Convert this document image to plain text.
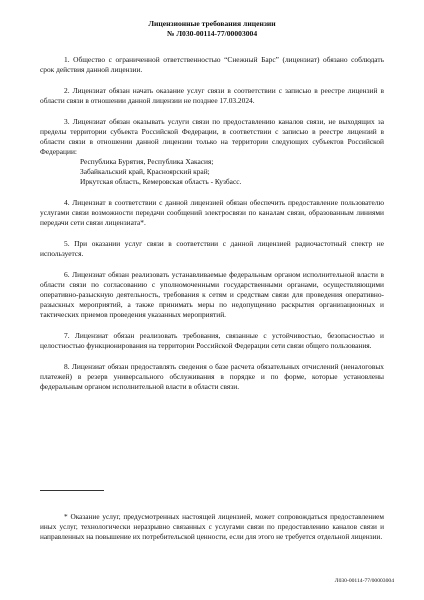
Лицензионные требования лицензии
№ Л030-00114-77/00003004

1. Общество с ограниченной ответственностью “Снежный Барс” (лицензиат) обязано соблюдать срок действия данной лицензии.

2. Лицензиат обязан начать оказание услуг связи в соответствии с записью в реестре лицензий в области связи в отношении данной лицензии не позднее 17.03.2024.

3. Лицензиат обязан оказывать услуги связи по предоставлению каналов связи, не выходящих за пределы территории субъекта Российской Федерации, в соответствии с записью в реестре лицензий в области связи в отношении данной лицензии только на территории следующих субъектов Российской Федерации:

Республика Бурятия, Республика Хакасия;
Забайкальский край, Красноярский край;
Иркутская область, Кемеровская область - Кузбасс.

4. Лицензиат в соответствии с данной лицензией обязан обеспечить предоставление пользователю услугами связи возможности передачи сообщений электросвязи по каналам связи, образованным линиями передачи сети связи лицензиата*.

5. При оказании услуг связи в соответствии с данной лицензией радиочастотный спектр не используется.

6. Лицензиат обязан реализовать устанавливаемые федеральным органом исполнительной власти в области связи по согласованию с уполномоченными государственными органами, осуществляющими оперативно-разыскную деятельность, требования к сетям и средствам связи для проведения оперативно-разыскных мероприятий, а также принимать меры по недопущению раскрытия организационных и тактических приемов проведения указанных мероприятий.

7. Лицензиат обязан реализовать требования, связанные с устойчивостью, безопасностью и целостностью функционирования на территории Российской Федерации сети связи общего пользования.

8. Лицензиат обязан предоставлять сведения о базе расчета обязательных отчислений (неналоговых платежей) в резерв универсального обслуживания в порядке и по форме, которые установлены федеральным органом исполнительной власти в области связи.

* Оказание услуг, предусмотренных настоящей лицензией, может сопровождаться предоставлением иных услуг, технологически неразрывно связанных с услугами связи по предоставлению каналов связи и направленных на повышение их потребительской ценности, если для этого не требуется отдельной лицензии.

Л030-00114-77/00003004
